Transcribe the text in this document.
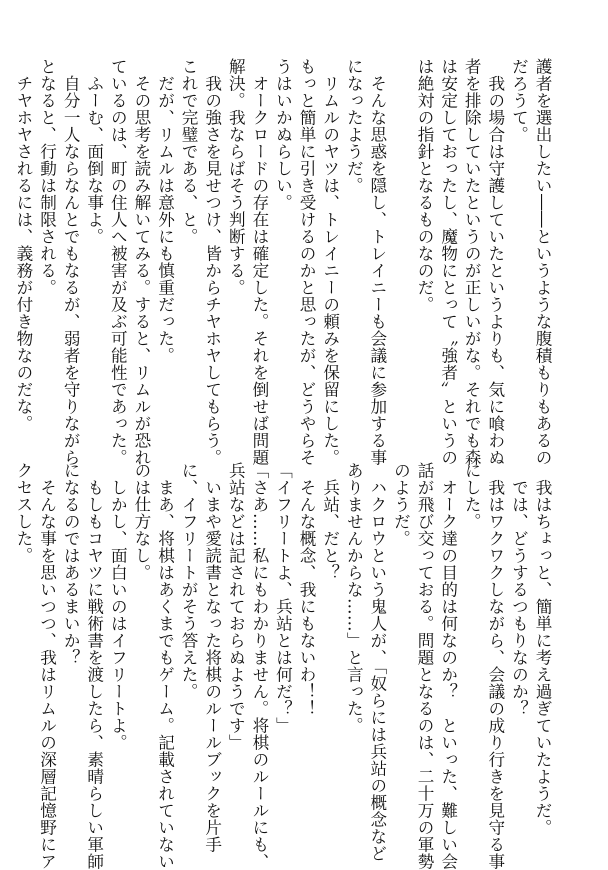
護者を選出したい――というような腹積もりもあるの
だろうて。
　我の場合は守護していたというよりも、気に喰わぬ
者を排除していたというのが正しいがな。それでも森
は安定しておったし、魔物にとって〝強者〟というの
は絶対の指針となるものなのだ。

　そんな思惑を隠し、トレイニーも会議に参加する事
になったようだ。
　リムルのヤツは、トレイニーの頼みを保留にした。
もっと簡単に引き受けるのかと思ったが、どうやらそ
うはいかぬらしい。
　オークロードの存在は確定した。それを倒せば問題
解決。我ならばそう判断する。
　我の強さを見せつけ、皆からチヤホヤしてもらう。
これで完璧である、と。
　だが、リムルは意外にも慎重だった。
　その思考を読み解いてみる。すると、リムルが恐れ
ているのは、町の住人へ被害が及ぶ可能性であった。
　ふーむ、面倒な事よ。
　自分一人ならなんとでもなるが、弱者を守りながら
となると、行動は制限される。
　チヤホヤされるには、義務が付き物なのだな。
　我はちょっと、簡単に考え過ぎていたようだ。
　では、どうするつもりなのか？
　我はワクワクしながら、会議の成り行きを見守る事
にした。
　オーク達の目的は何なのか？　といった、難しい会
話が飛び交っておる。問題となるのは、二十万の軍勢
のようだ。
　ハクロウという鬼人が、「奴らには兵站の概念など
ありませんからな……」と言った。
　兵站、だと？
　そんな概念、我にもないわ！！
「イフリートよ、兵站とは何だ？」
「さあ……私にもわかりません。将棋のルールにも、
兵站などは記されておらぬようです」
　いまや愛読書となった将棋のルールブックを片手
に、イフリートがそう答えた。
　まあ、将棋はあくまでもゲーム。記載されていない
のは仕方なし。
　しかし、面白いのはイフリートよ。
　もしもコヤツに戦術書を渡したら、素晴らしい軍師
になるのではあるまいか？
　そんな事を思いつつ、我はリムルの深層記憶野にア
クセスした。
